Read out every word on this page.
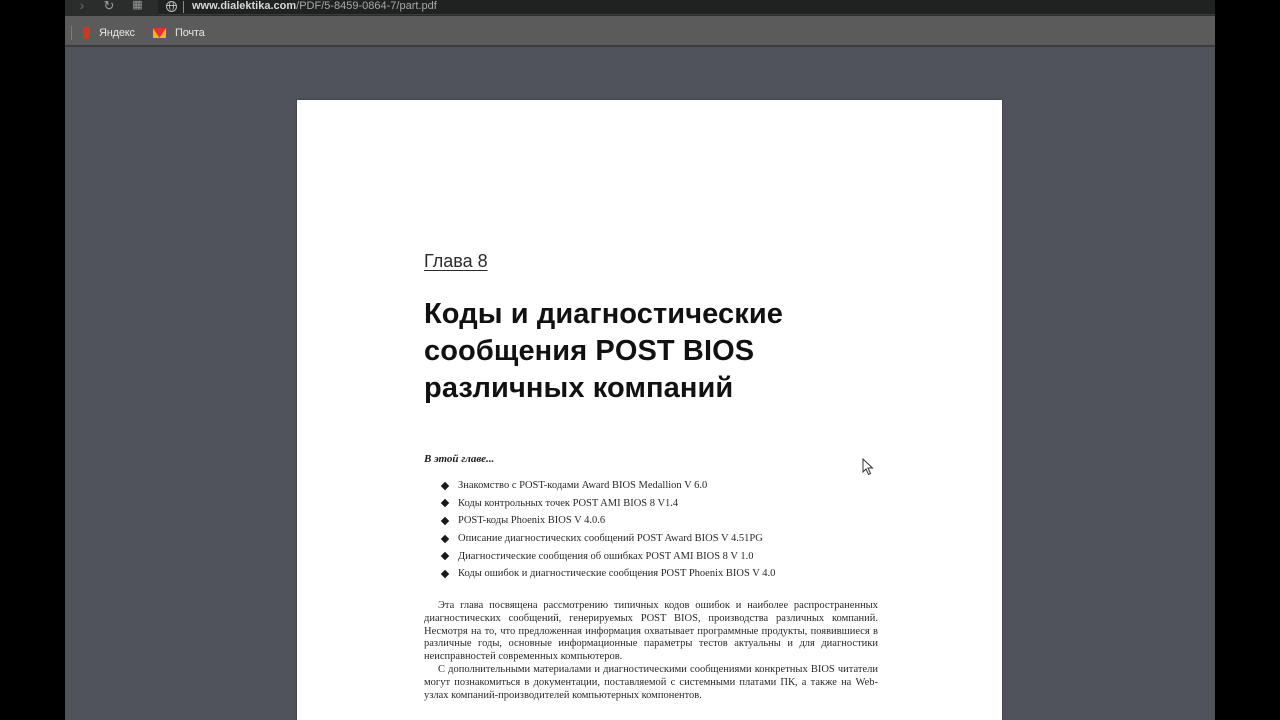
›	↻ ▦	www.dialektika.com/PDF/5-8459-0864-7/part.pdf
Яндекс	Почта
Глава 8
Коды и диагностические
сообщения POST BIOS
различных компаний
В этой главе...
Знакомство с POST-кодами Award BIOS Medallion V 6.0
Коды контрольных точек POST AMI BIOS 8 V1.4
POST-коды Phoenix BIOS V 4.0.6
Описание диагностических сообщений POST Award BIOS V 4.51PG
Диагностические сообщения об ошибках POST AMI BIOS 8 V 1.0
Коды ошибок и диагностические сообщения POST Phoenix BIOS V 4.0

Эта глава посвящена рассмотрению типичных кодов ошибок и наиболее распространенных диагностических сообщений, генерируемых POST BIOS, производства различных компаний. Несмотря на то, что предложенная информация охватывает программные продукты, появившиеся в различные годы, основные информационные параметры тестов актуальны и для диагностики неисправностей современных компьютеров.

С дополнительными материалами и диагностическими сообщениями конкретных BIOS читатели могут познакомиться в документации, поставляемой с системными платами ПК, а также на Web-узлах компаний-производителей компьютерных компонентов.
